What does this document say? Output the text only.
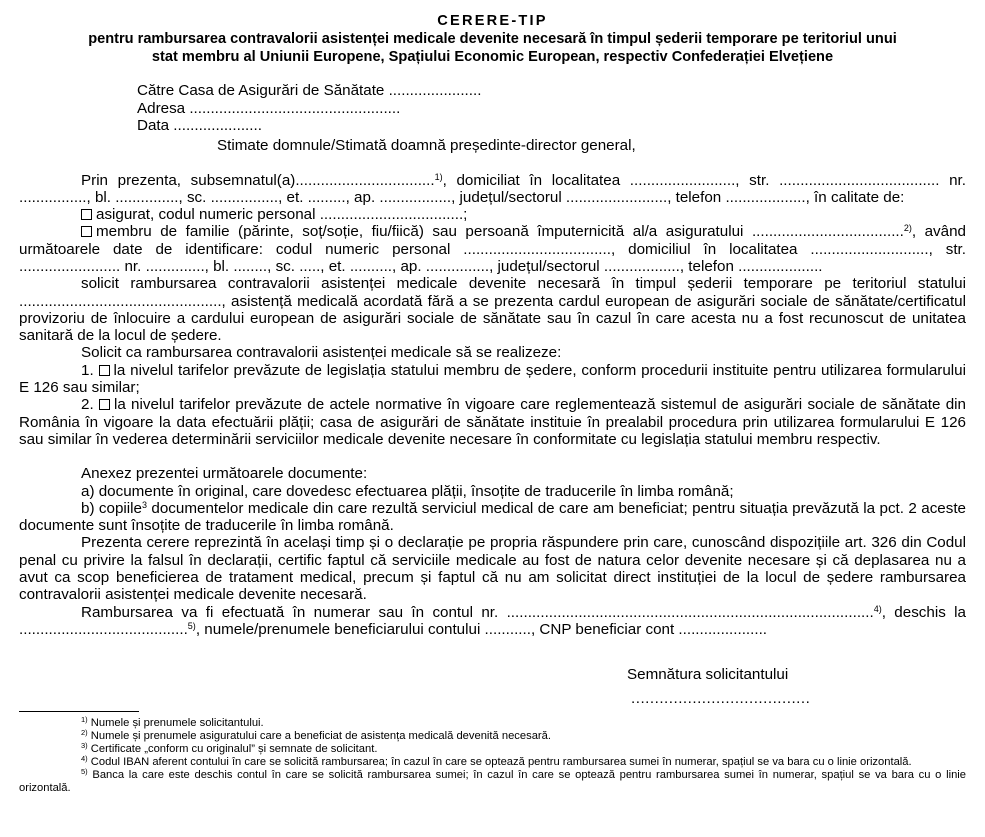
CERERE-TIP
pentru rambursarea contravalorii asistenței medicale devenite necesară în timpul șederii temporare pe teritoriul unui
stat membru al Uniunii Europene, Spațiului Economic European, respectiv Confederației Elvețiene
Către Casa de Asigurări de Sănătate ......................
Adresa ..................................................
Data .....................
Stimate domnule/Stimată doamnă președinte-director general,
Prin prezenta, subsemnatul(a).................................$^{1)}$, domiciliat în localitatea ........................., str. ...................................... nr. ................, bl. ..............., sc. ................, et. ........., ap. ................., județul/sectorul ........................, telefon ..................., în calitate de:
asigurat, codul numeric personal ..................................;
membru de familie (părinte, soț/soție, fiu/fiică) sau persoană împuternicită al/a asiguratului ....................................$^{2)}$, având următoarele date de identificare: codul numeric personal ..................................., domiciliul în localitatea ............................, str. ........................ nr. .............., bl. ........, sc. ....., et. .........., ap. ..............., județul/sectorul .................., telefon ....................
solicit rambursarea contravalorii asistenței medicale devenite necesară în timpul șederii temporare pe teritoriul statului ................................................, asistență medicală acordată fără a se prezenta cardul european de asigurări sociale de sănătate/certificatul provizoriu de înlocuire a cardului european de asigurări sociale de sănătate sau în cazul în care acesta nu a fost recunoscut de unitatea sanitară de la locul de ședere.
Solicit ca rambursarea contravalorii asistenței medicale să se realizeze:
1. la nivelul tarifelor prevăzute de legislația statului membru de ședere, conform procedurii instituite pentru utilizarea formularului E 126 sau similar;
2. la nivelul tarifelor prevăzute de actele normative în vigoare care reglementează sistemul de asigurări sociale de sănătate din România în vigoare la data efectuării plății; casa de asigurări de sănătate instituie în prealabil procedura prin utilizarea formularului E 126 sau similar în vederea determinării serviciilor medicale devenite necesare în conformitate cu legislația statului membru respectiv.
Anexez prezentei următoarele documente:
a) documente în original, care dovedesc efectuarea plății, însoțite de traducerile în limba română;
b) copiile$^3$ documentelor medicale din care rezultă serviciul medical de care am beneficiat; pentru situația prevăzută la pct. 2 aceste documente sunt însoțite de traducerile în limba română.
Prezenta cerere reprezintă în același timp și o declarație pe propria răspundere prin care, cunoscând dispozițiile art. 326 din Codul penal cu privire la falsul în declarații, certific faptul că serviciile medicale au fost de natura celor devenite necesare și că deplasarea nu a avut ca scop beneficierea de tratament medical, precum și faptul că nu am solicitat direct instituției de la locul de ședere rambursarea contravalorii asistenței medicale devenite necesară.
Rambursarea va fi efectuată în numerar sau în contul nr. .......................................................................................$^{4)}$, deschis la ........................................$^{5)}$, numele/prenumele beneficiarului contului ..........., CNP beneficiar cont .....................
Semnătura solicitantului
......................................
$^{1)}$ Numele și prenumele solicitantului.
$^{2)}$ Numele și prenumele asiguratului care a beneficiat de asistența medicală devenită necesară.
$^{3)}$ Certificate „conform cu originalul” și semnate de solicitant.
$^{4)}$ Codul IBAN aferent contului în care se solicită rambursarea; în cazul în care se optează pentru rambursarea sumei în numerar, spațiul se va bara cu o linie orizontală.
$^{5)}$ Banca la care este deschis contul în care se solicită rambursarea sumei; în cazul în care se optează pentru rambursarea sumei în numerar, spațiul se va bara cu o linie orizontală.
